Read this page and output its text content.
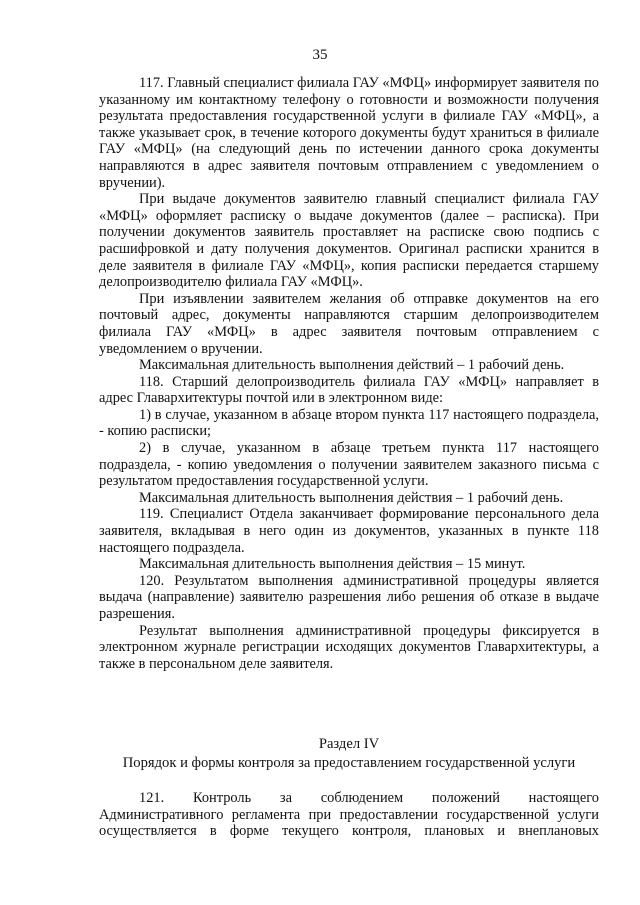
35

117. Главный специалист филиала ГАУ «МФЦ» информирует заявителя по указанному им контактному телефону о готовности и возможности получения результата предоставления государственной услуги в филиале ГАУ «МФЦ», а также указывает срок, в течение которого документы будут храниться в филиале ГАУ «МФЦ» (на следующий день по истечении данного срока документы направляются в адрес заявителя почтовым отправлением с уведомлением о вручении).

При выдаче документов заявителю главный специалист филиала ГАУ «МФЦ» оформляет расписку о выдаче документов (далее – расписка). При получении документов заявитель проставляет на расписке свою подпись с расшифровкой и дату получения документов. Оригинал расписки хранится в деле заявителя в филиале ГАУ «МФЦ», копия расписки передается старшему делопроизводителю филиала ГАУ «МФЦ».

При изъявлении заявителем желания об отправке документов на его почтовый адрес, документы направляются старшим делопроизводителем филиала ГАУ «МФЦ» в адрес заявителя почтовым отправлением с уведомлением о вручении.

Максимальная длительность выполнения действий – 1 рабочий день.

118. Старший делопроизводитель филиала ГАУ «МФЦ» направляет в адрес Главархитектуры почтой или в электронном виде:

1) в случае, указанном в абзаце втором пункта 117 настоящего подраздела, - копию расписки;

2) в случае, указанном в абзаце третьем пункта 117 настоящего подраздела, - копию уведомления о получении заявителем заказного письма с результатом предоставления государственной услуги.

Максимальная длительность выполнения действия – 1 рабочий день.

119. Специалист Отдела заканчивает формирование персонального дела заявителя, вкладывая в него один из документов, указанных в пункте 118 настоящего подраздела.

Максимальная длительность выполнения действия – 15 минут.

120. Результатом выполнения административной процедуры является выдача (направление) заявителю разрешения либо решения об отказе в выдаче разрешения.

Результат выполнения административной процедуры фиксируется в электронном журнале регистрации исходящих документов Главархитектуры, а также в персональном деле заявителя.

Раздел IV
Порядок и формы контроля за предоставлением государственной услуги
121. Контроль за соблюдением положений настоящего
Административного регламента при предоставлении государственной услуги
осуществляется в форме текущего контроля, плановых и внеплановых
